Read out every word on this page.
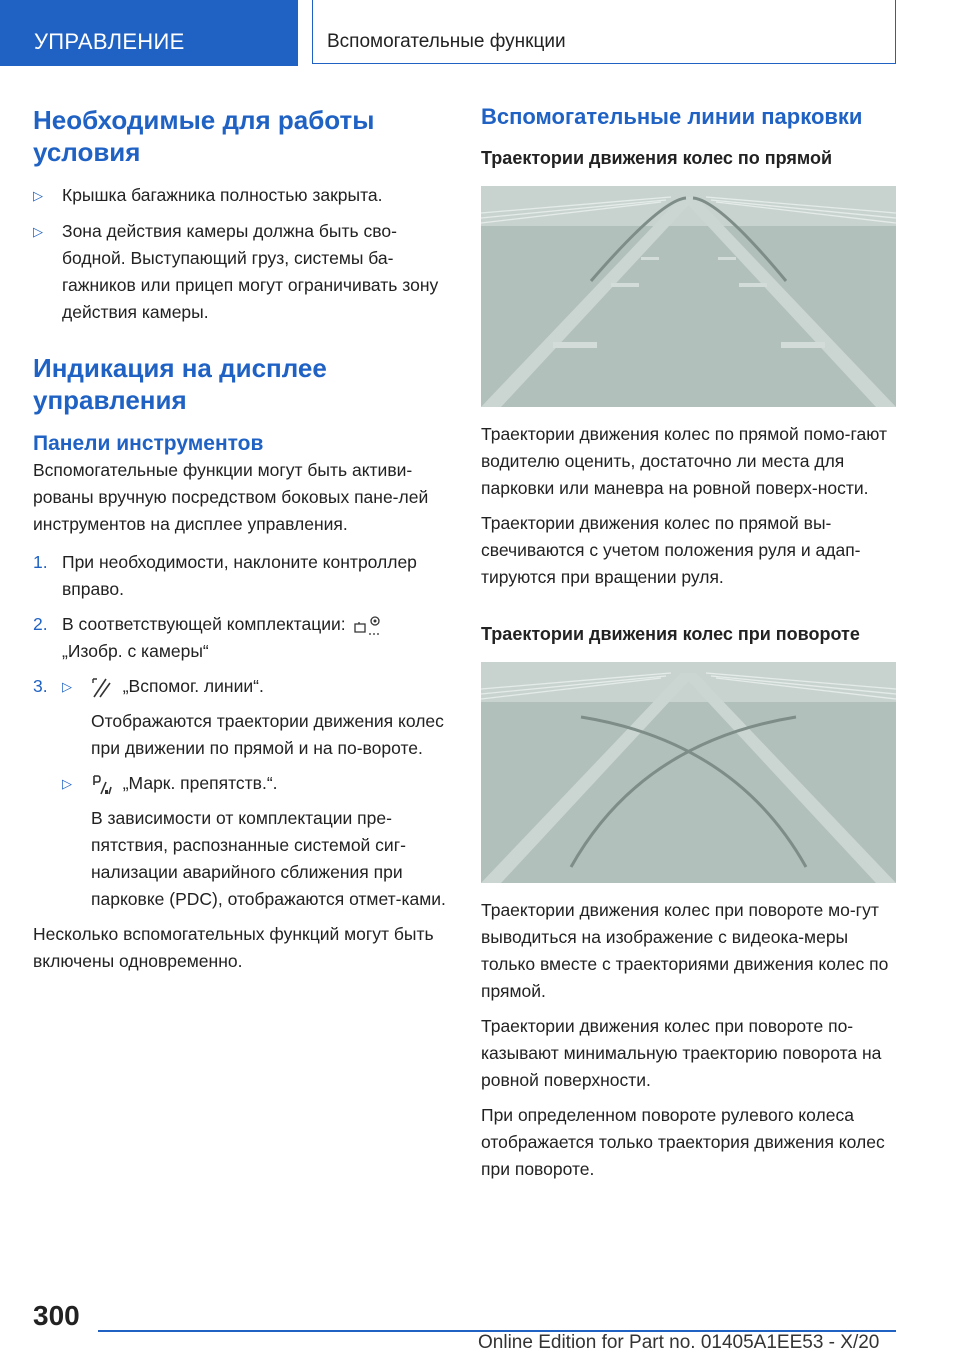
УПРАВЛЕНИЕ	Вспомогательные функции
Необходимые для работы условия
▷ Крышка багажника полностью закрыта.
▷ Зона действия камеры должна быть сво-бодной. Выступающий груз, системы ба-гажников или прицеп могут ограничивать зону действия камеры.
Индикация на дисплее управления
Панели инструментов

Вспомогательные функции могут быть активи-рованы вручную посредством боковых пане-лей инструментов на дисплее управления.

1. При необходимости, наклоните контроллер вправо.
2. В соответствующей комплектации:
„Изобр. с камеры“
3. ▷	„Вспомог. линии“.
Отображаются траектории движения колес при движении по прямой и на по-вороте.
▷	„Марк. препятств.“.
В зависимости от комплектации пре-пятствия, распознанные системой сиг-нализации аварийного сближения при парковке (PDC), отображаются отмет-ками.

Несколько вспомогательных функций могут быть включены одновременно.

Вспомогательные линии парковки
Траектории движения колес по прямой

Траектории движения колес по прямой помо-гают водителю оценить, достаточно ли места для парковки или маневра на ровной поверх-ности.

Траектории движения колес по прямой вы-свечиваются с учетом положения руля и адап-тируются при вращении руля.

Траектории движения колес при повороте

Траектории движения колес при повороте мо-гут выводиться на изображение с видеока-меры только вместе с траекториями движения колес по прямой.

Траектории движения колес при повороте по-казывают минимальную траекторию поворота на ровной поверхности.

При определенном повороте рулевого колеса отображается только траектория движения колес при повороте.

300
Online Edition for Part no. 01405A1EE53 - X/20
